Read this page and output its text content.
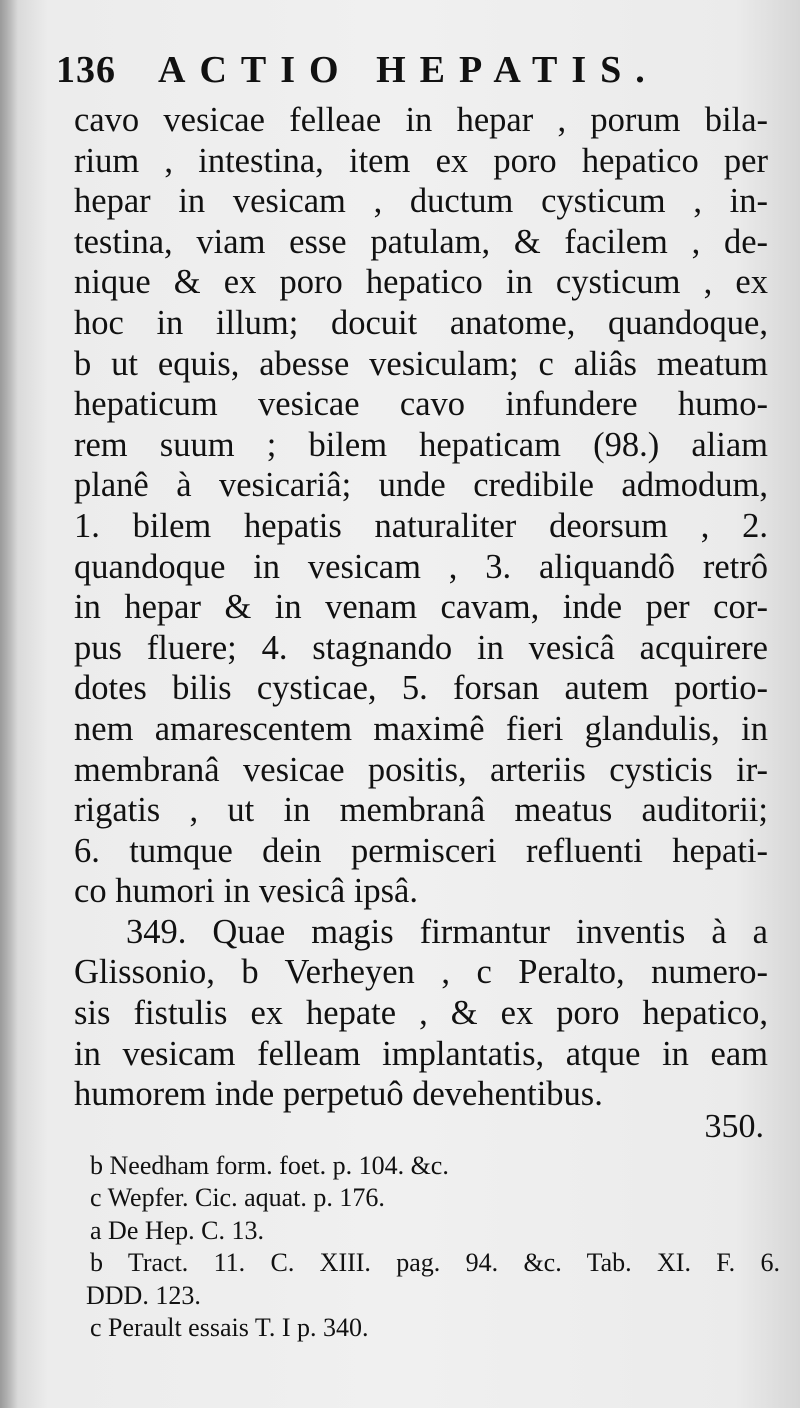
136 ACTIO HEPATIS.
cavo vesicae felleae in hepar , porum bila-
rium , intestina, item ex poro hepatico per
hepar in vesicam , ductum cysticum , in-
testina, viam esse patulam, & facilem , de-
nique & ex poro hepatico in cysticum , ex
hoc in illum; docuit anatome, quandoque,
b ut equis, abesse vesiculam; c aliâs meatum
hepaticum vesicae cavo infundere humo-
rem suum ; bilem hepaticam (98.) aliam
planê à vesicariâ; unde credibile admodum,
1. bilem hepatis naturaliter deorsum , 2.
quandoque in vesicam , 3. aliquandô retrô
in hepar & in venam cavam, inde per cor-
pus fluere; 4. stagnando in vesicâ acquirere
dotes bilis cysticae, 5. forsan autem portio-
nem amarescentem maximê fieri glandulis, in
membranâ vesicae positis, arteriis cysticis ir-
rigatis , ut in membranâ meatus auditorii;
6. tumque dein permisceri refluenti hepati-
co humori in vesicâ ipsâ.
349. Quae magis firmantur inventis à a
Glissonio, b Verheyen , c Peralto, numero-
sis fistulis ex hepate , & ex poro hepatico,
in vesicam felleam implantatis, atque in eam
humorem inde perpetuô devehentibus.
350.
b Needham form. foet. p. 104. &c.
c Wepfer. Cic. aquat. p. 176.
a De Hep. C. 13.
b Tract. 11. C. XIII. pag. 94. &c. Tab. XI. F. 6.
DDD. 123.
c Perault essais T. I p. 340.
